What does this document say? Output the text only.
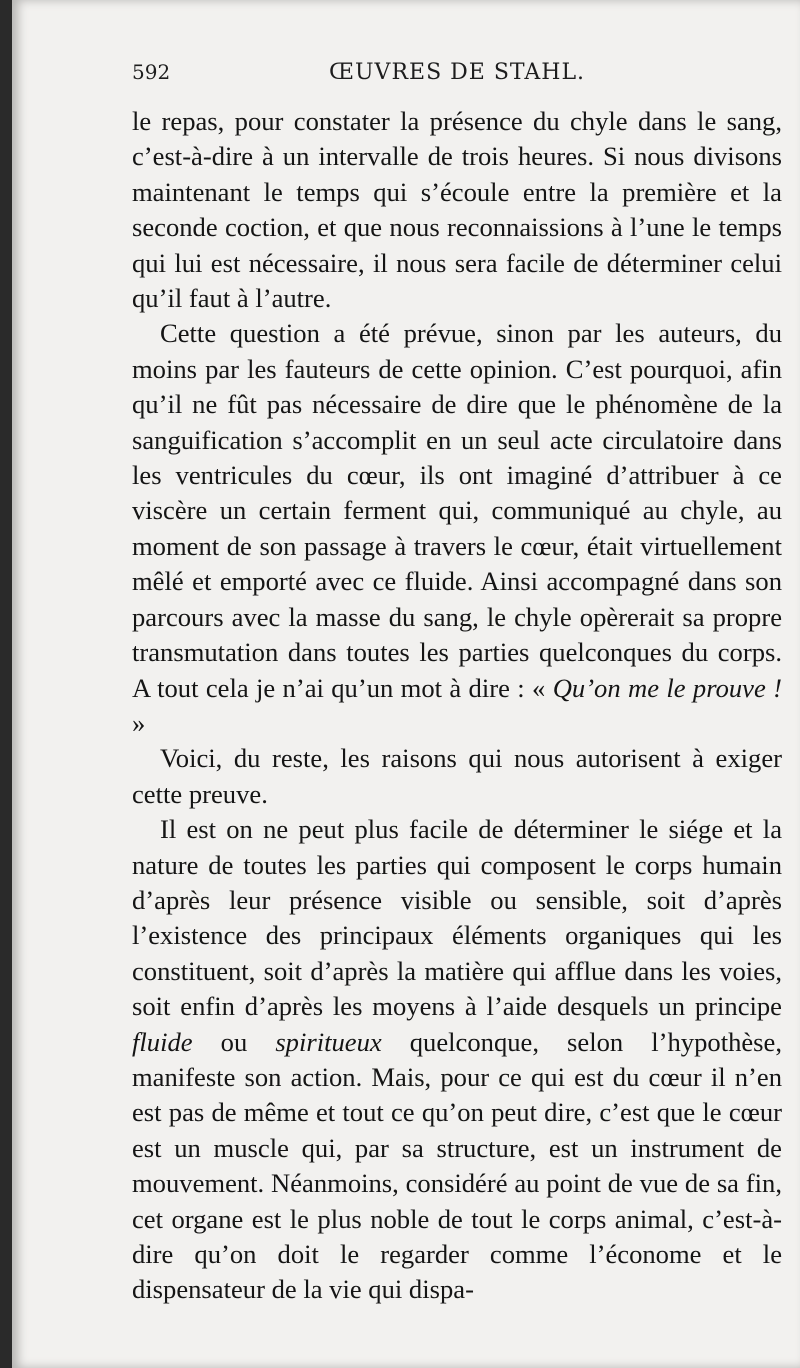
592	ŒUVRES DE STAHL.

le repas, pour constater la présence du chyle dans le sang, c’est-à-dire à un intervalle de trois heures. Si nous divisons maintenant le temps qui s’écoule entre la première et la seconde coction, et que nous reconnaissions à l’une le temps qui lui est nécessaire, il nous sera facile de déterminer celui qu’il faut à l’autre.

Cette question a été prévue, sinon par les auteurs, du moins par les fauteurs de cette opinion. C’est pourquoi, afin qu’il ne fût pas nécessaire de dire que le phénomène de la sanguification s’accomplit en un seul acte circulatoire dans les ventricules du cœur, ils ont imaginé d’attribuer à ce viscère un certain ferment qui, communiqué au chyle, au moment de son passage à travers le cœur, était virtuellement mêlé et emporté avec ce fluide. Ainsi accompagné dans son parcours avec la masse du sang, le chyle opèrerait sa propre transmutation dans toutes les parties quelconques du corps. A tout cela je n’ai qu’un mot à dire : « Qu’on me le prouve ! »

Voici, du reste, les raisons qui nous autorisent à exiger cette preuve.

Il est on ne peut plus facile de déterminer le siége et la nature de toutes les parties qui composent le corps humain d’après leur présence visible ou sensible, soit d’après l’existence des principaux éléments organiques qui les constituent, soit d’après la matière qui afflue dans les voies, soit enfin d’après les moyens à l’aide desquels un principe fluide ou spiritueux quelconque, selon l’hypothèse, manifeste son action. Mais, pour ce qui est du cœur il n’en est pas de même et tout ce qu’on peut dire, c’est que le cœur est un muscle qui, par sa structure, est un instrument de mouvement. Néanmoins, considéré au point de vue de sa fin, cet organe est le plus noble de tout le corps animal, c’est-à-dire qu’on doit le regarder comme l’économe et le dispensateur de la vie qui dispa-
